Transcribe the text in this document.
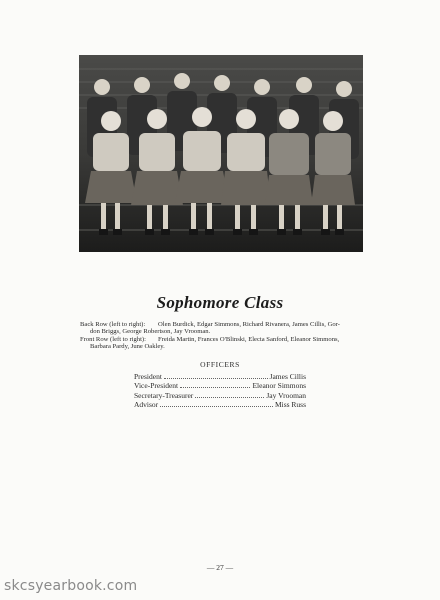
Sophomore Class
Back Row (left to right): Olen Burdick, Edgar Simmons, Richard Rivanera, James Cillis, Gor-
don Briggs, George Robertson, Jay Vrooman.
Front Row (left to right): Freida Martin, Frances O'Blinski, Electa Sanford, Eleanor Simmons,
Barbara Pardy, June Oakley.
OFFICERS
President	James Cillis
Vice-President	Eleanor Simmons
Secretary-Treasurer	Jay Vrooman
Advisor	Miss Russ
— 27 —
skcsyearbook.com
